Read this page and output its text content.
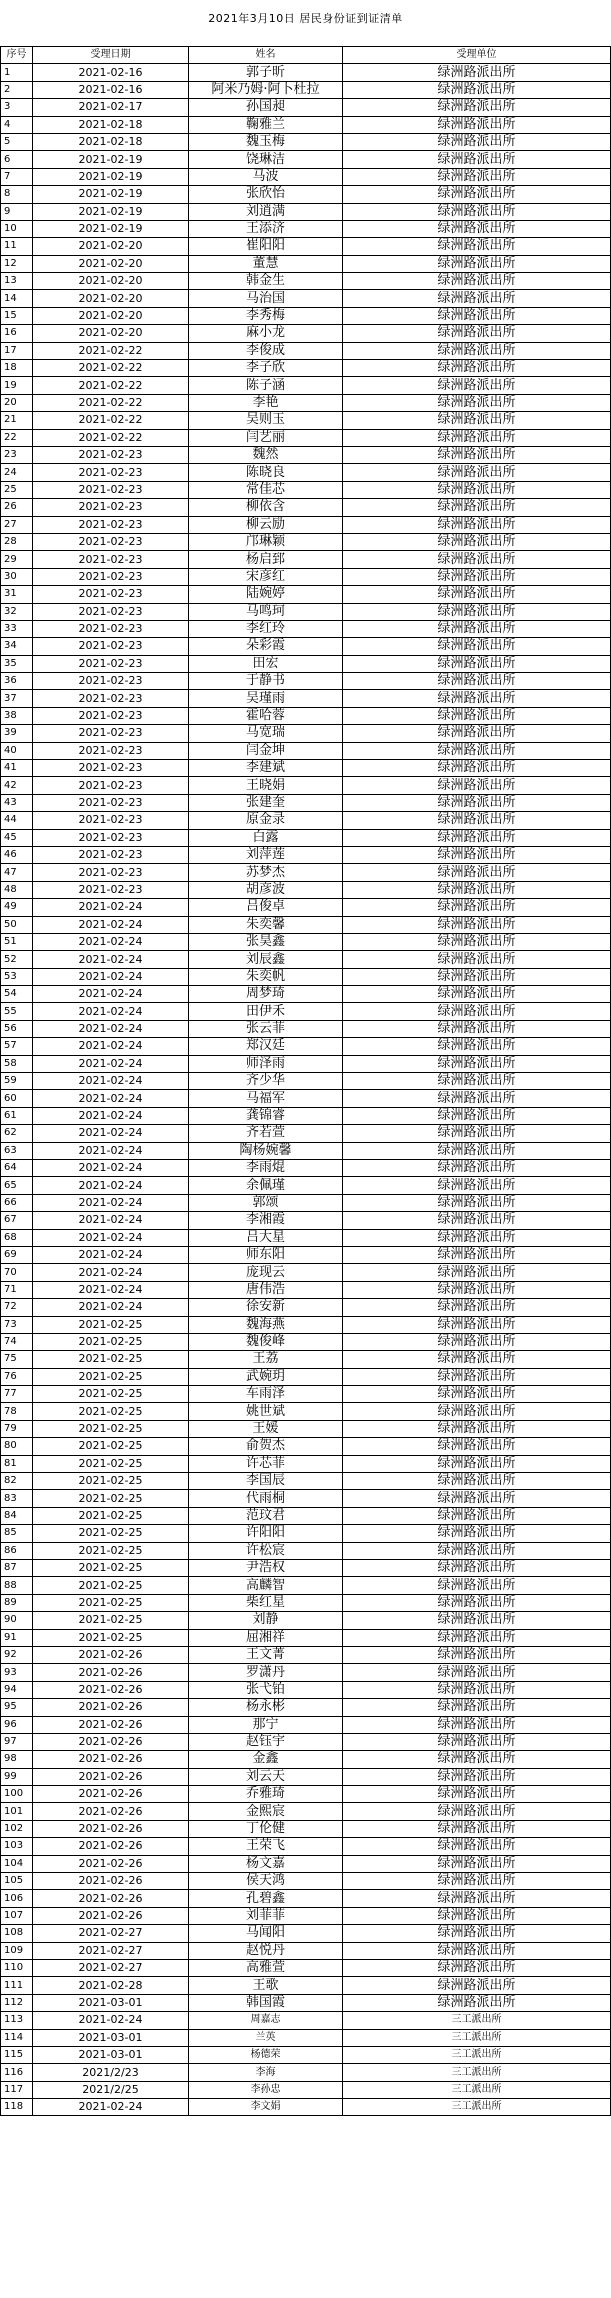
2021年3月10日 居民身份证到证清单
序号	受理日期	姓名	受理单位
1	2021-02-16	郭子昕	绿洲路派出所
2	2021-02-16	阿米乃姆·阿卜杜拉	绿洲路派出所
3	2021-02-17	孙国昶	绿洲路派出所
4	2021-02-18	鞠雅兰	绿洲路派出所
5	2021-02-18	魏玉梅	绿洲路派出所
6	2021-02-19	饶琳洁	绿洲路派出所
7	2021-02-19	马波	绿洲路派出所
8	2021-02-19	张欣怡	绿洲路派出所
9	2021-02-19	刘逍满	绿洲路派出所
10	2021-02-19	王添济	绿洲路派出所
11	2021-02-20	崔阳阳	绿洲路派出所
12	2021-02-20	董慧	绿洲路派出所
13	2021-02-20	韩金生	绿洲路派出所
14	2021-02-20	马治国	绿洲路派出所
15	2021-02-20	李秀梅	绿洲路派出所
16	2021-02-20	麻小龙	绿洲路派出所
17	2021-02-22	李俊成	绿洲路派出所
18	2021-02-22	李子欣	绿洲路派出所
19	2021-02-22	陈子涵	绿洲路派出所
20	2021-02-22	李艳	绿洲路派出所
21	2021-02-22	吴则玉	绿洲路派出所
22	2021-02-22	闫艺丽	绿洲路派出所
23	2021-02-23	魏然	绿洲路派出所
24	2021-02-23	陈晓良	绿洲路派出所
25	2021-02-23	常佳芯	绿洲路派出所
26	2021-02-23	柳依含	绿洲路派出所
27	2021-02-23	柳云励	绿洲路派出所
28	2021-02-23	邝琳颖	绿洲路派出所
29	2021-02-23	杨启郅	绿洲路派出所
30	2021-02-23	宋彦红	绿洲路派出所
31	2021-02-23	陆婉婷	绿洲路派出所
32	2021-02-23	马鸣珂	绿洲路派出所
33	2021-02-23	李红玲	绿洲路派出所
34	2021-02-23	朵彩霞	绿洲路派出所
35	2021-02-23	田宏	绿洲路派出所
36	2021-02-23	于静书	绿洲路派出所
37	2021-02-23	吴瑾雨	绿洲路派出所
38	2021-02-23	霍哈蓉	绿洲路派出所
39	2021-02-23	马宽瑞	绿洲路派出所
40	2021-02-23	闫金坤	绿洲路派出所
41	2021-02-23	李建斌	绿洲路派出所
42	2021-02-23	王晓娟	绿洲路派出所
43	2021-02-23	张建奎	绿洲路派出所
44	2021-02-23	原金录	绿洲路派出所
45	2021-02-23	白露	绿洲路派出所
46	2021-02-23	刘萍莲	绿洲路派出所
47	2021-02-23	苏梦杰	绿洲路派出所
48	2021-02-23	胡彦波	绿洲路派出所
49	2021-02-24	吕俊卓	绿洲路派出所
50	2021-02-24	朱奕馨	绿洲路派出所
51	2021-02-24	张昊鑫	绿洲路派出所
52	2021-02-24	刘辰鑫	绿洲路派出所
53	2021-02-24	朱奕帆	绿洲路派出所
54	2021-02-24	周梦琦	绿洲路派出所
55	2021-02-24	田伊禾	绿洲路派出所
56	2021-02-24	张云菲	绿洲路派出所
57	2021-02-24	郑汉廷	绿洲路派出所
58	2021-02-24	师泽雨	绿洲路派出所
59	2021-02-24	齐少华	绿洲路派出所
60	2021-02-24	马福军	绿洲路派出所
61	2021-02-24	龚锦睿	绿洲路派出所
62	2021-02-24	齐若萱	绿洲路派出所
63	2021-02-24	陶杨婉馨	绿洲路派出所
64	2021-02-24	李雨焜	绿洲路派出所
65	2021-02-24	余佩瑾	绿洲路派出所
66	2021-02-24	郭颂	绿洲路派出所
67	2021-02-24	李湘霞	绿洲路派出所
68	2021-02-24	吕大星	绿洲路派出所
69	2021-02-24	师东阳	绿洲路派出所
70	2021-02-24	庞现云	绿洲路派出所
71	2021-02-24	唐伟浩	绿洲路派出所
72	2021-02-24	徐安新	绿洲路派出所
73	2021-02-25	魏海燕	绿洲路派出所
74	2021-02-25	魏俊峰	绿洲路派出所
75	2021-02-25	王荔	绿洲路派出所
76	2021-02-25	武婉玥	绿洲路派出所
77	2021-02-25	车雨泽	绿洲路派出所
78	2021-02-25	姚世斌	绿洲路派出所
79	2021-02-25	王媛	绿洲路派出所
80	2021-02-25	俞贺杰	绿洲路派出所
81	2021-02-25	许芯菲	绿洲路派出所
82	2021-02-25	李国辰	绿洲路派出所
83	2021-02-25	代雨桐	绿洲路派出所
84	2021-02-25	范玟君	绿洲路派出所
85	2021-02-25	许阳阳	绿洲路派出所
86	2021-02-25	许松宸	绿洲路派出所
87	2021-02-25	尹浩权	绿洲路派出所
88	2021-02-25	高麟智	绿洲路派出所
89	2021-02-25	柴红星	绿洲路派出所
90	2021-02-25	刘静	绿洲路派出所
91	2021-02-25	屈湘祥	绿洲路派出所
92	2021-02-26	王文菁	绿洲路派出所
93	2021-02-26	罗潇丹	绿洲路派出所
94	2021-02-26	张弋铂	绿洲路派出所
95	2021-02-26	杨永彬	绿洲路派出所
96	2021-02-26	那宁	绿洲路派出所
97	2021-02-26	赵钰宇	绿洲路派出所
98	2021-02-26	金鑫	绿洲路派出所
99	2021-02-26	刘云天	绿洲路派出所
100	2021-02-26	乔雅琦	绿洲路派出所
101	2021-02-26	金熙宸	绿洲路派出所
102	2021-02-26	丁伦健	绿洲路派出所
103	2021-02-26	王荣飞	绿洲路派出所
104	2021-02-26	杨文嘉	绿洲路派出所
105	2021-02-26	侯天鸿	绿洲路派出所
106	2021-02-26	孔碧鑫	绿洲路派出所
107	2021-02-26	刘菲菲	绿洲路派出所
108	2021-02-27	马闻阳	绿洲路派出所
109	2021-02-27	赵悦丹	绿洲路派出所
110	2021-02-27	高雅萱	绿洲路派出所
111	2021-02-28	王歌	绿洲路派出所
112	2021-03-01	韩国霞	绿洲路派出所
113	2021-02-24	周嘉志	三工派出所
114	2021-03-01	兰英	三工派出所
115	2021-03-01	杨德荣	三工派出所
116	2021/2/23	李海	三工派出所
117	2021/2/25	李孙忠	三工派出所
118	2021-02-24	李文娟	三工派出所
